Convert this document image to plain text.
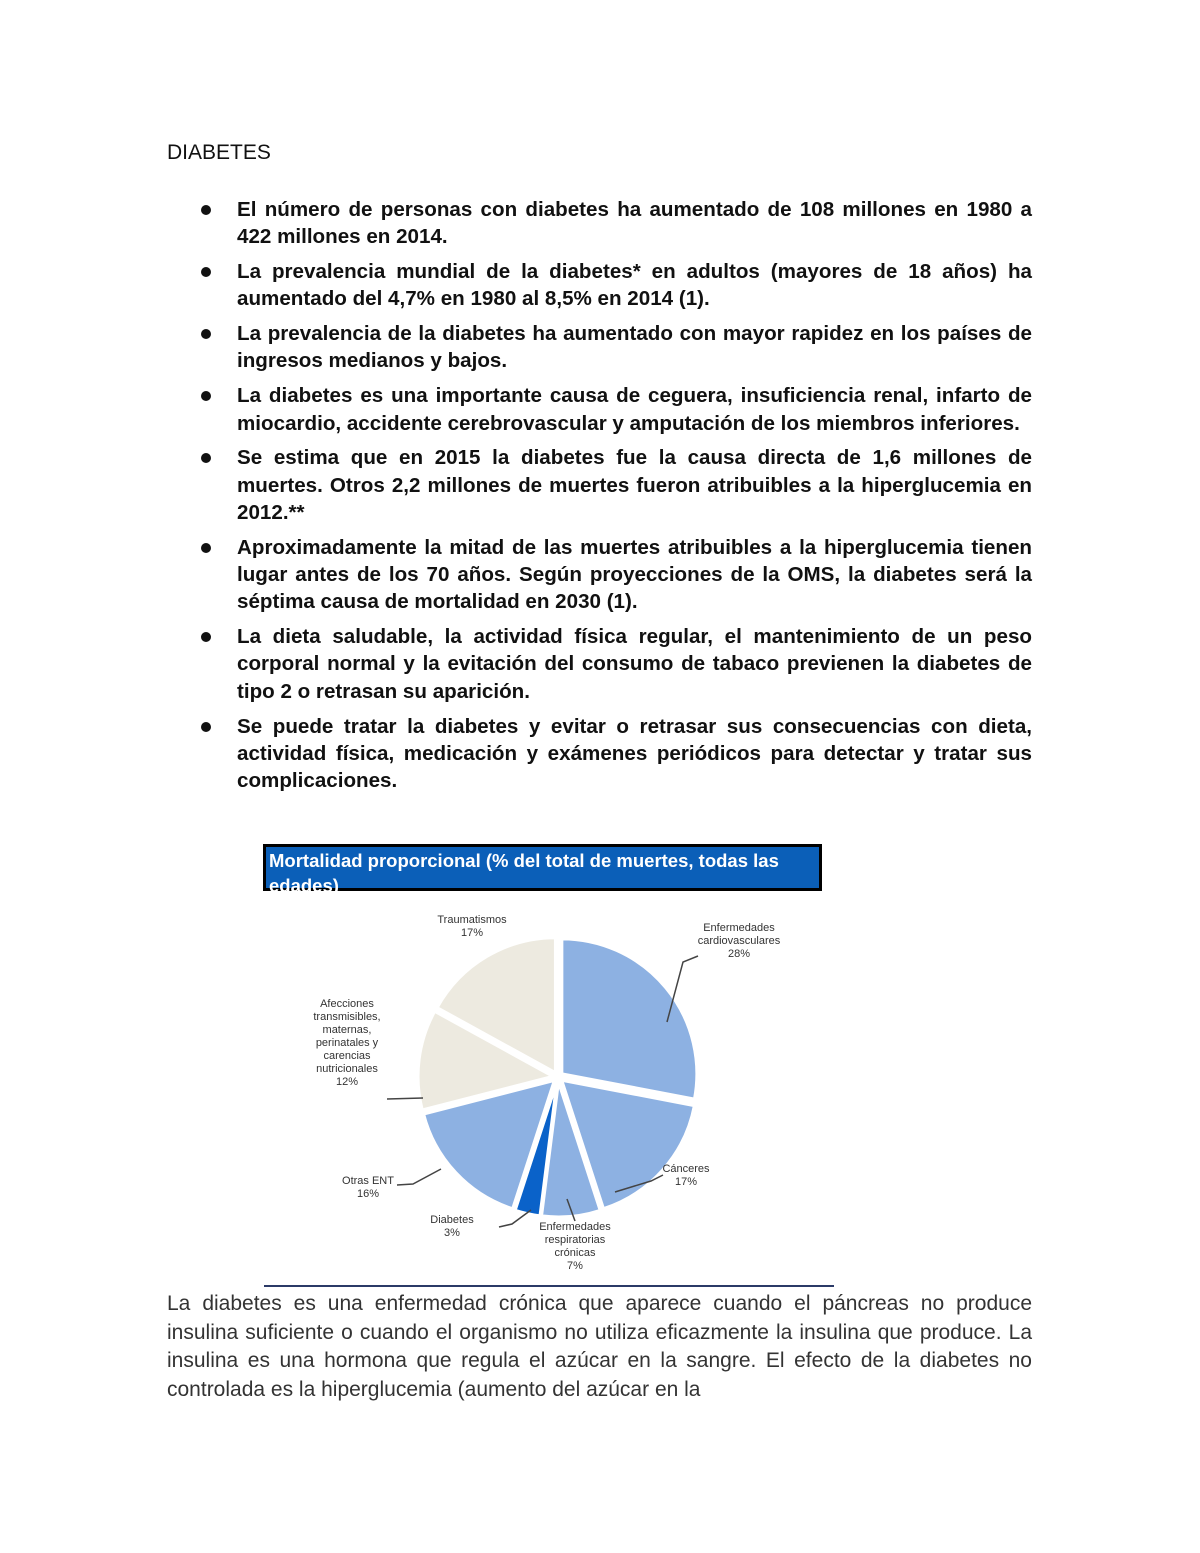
DIABETES
El número de personas con diabetes ha aumentado de 108 millones en 1980 a 422 millones en 2014.
La prevalencia mundial de la diabetes* en adultos (mayores de 18 años) ha aumentado del 4,7% en 1980 al 8,5% en 2014 (1).
La prevalencia de la diabetes ha aumentado con mayor rapidez en los países de ingresos medianos y bajos.
La diabetes es una importante causa de ceguera, insuficiencia renal, infarto de miocardio, accidente cerebrovascular y amputación de los miembros inferiores.
Se estima que en 2015 la diabetes fue la causa directa de 1,6 millones de muertes. Otros 2,2 millones de muertes fueron atribuibles a la hiperglucemia en 2012.**
Aproximadamente la mitad de las muertes atribuibles a la hiperglucemia tienen lugar antes de los 70 años. Según proyecciones de la OMS, la diabetes será la séptima causa de mortalidad en 2030 (1).
La dieta saludable, la actividad física regular, el mantenimiento de un peso corporal normal y la evitación del consumo de tabaco previenen la diabetes de tipo 2 o retrasan su aparición.
Se puede tratar la diabetes y evitar o retrasar sus consecuencias con dieta, actividad física, medicación y exámenes periódicos para detectar y tratar sus complicaciones.
Mortalidad proporcional (% del total de muertes, todas las edades)
Enfermedades cardiovasculares 28%
Cánceres 17%
Enfermedades respiratorias crónicas 7%
Diabetes 3%
Otras ENT 16%
Afecciones transmisibles, maternas, perinatales y carencias nutricionales 12%
Traumatismos 17%

La diabetes es una enfermedad crónica que aparece cuando el páncreas no produce insulina suficiente o cuando el organismo no utiliza eficazmente la insulina que produce. La insulina es una hormona que regula el azúcar en la sangre. El efecto de la diabetes no controlada es la hiperglucemia (aumento del azúcar en la
